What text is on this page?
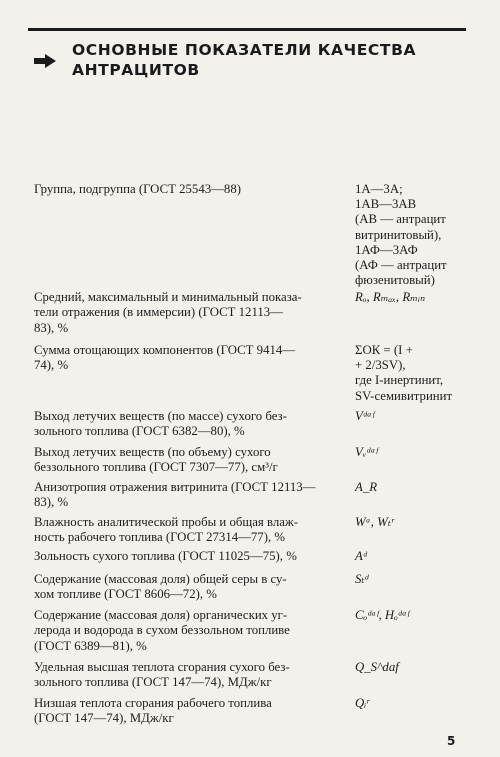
ОСНОВНЫЕ ПОКАЗАТЕЛИ КАЧЕСТВА
АНТРАЦИТОВ
Группа, подгруппа (ГОСТ 25543—88)	1А—3А;
1АВ—3АВ
(АВ — антрацит
витринитовый),
1АФ—3АФ
(АФ — антрацит
фюзенитовый)
Средний, максимальный и минимальный показа-
тели отражения (в иммерсии) (ГОСТ 12113—
83), %
Rₒ, Rₘₐₓ, Rₘᵢₙ
Сумма отощающих компонентов (ГОСТ 9414—
74), %
ΣОК = (I +
+ 2/3SV),
где I-инертинит,
SV-семивитринит
Выход летучих веществ (по массе) сухого без-
зольного топлива (ГОСТ 6382—80), %
Vᵈᵃᶠ
Выход летучих веществ (по объему) сухого
беззольного топлива (ГОСТ 7307—77), см³/г
Vᵥᵈᵃᶠ
Анизотропия отражения витринита (ГОСТ 12113—
83), %
A_R
Влажность аналитической пробы и общая влаж-
ность рабочего топлива (ГОСТ 27314—77), %
Wᵃ, Wₜʳ
Зольность сухого топлива (ГОСТ 11025—75), %	Aᵈ
Содержание (массовая доля) общей серы в су-
хом топливе (ГОСТ 8606—72), %
Sₜᵈ
Содержание (массовая доля) органических уг-
лерода и водорода в сухом беззольном топливе
(ГОСТ 6389—81), %
Cₒᵈᵃᶠ, Hₒᵈᵃᶠ
Удельная высшая теплота сгорания сухого без-
зольного топлива (ГОСТ 147—74), МДж/кг
Q_S^daf
Низшая теплота сгорания рабочего топлива
(ГОСТ 147—74), МДж/кг
Qᵢʳ
5
